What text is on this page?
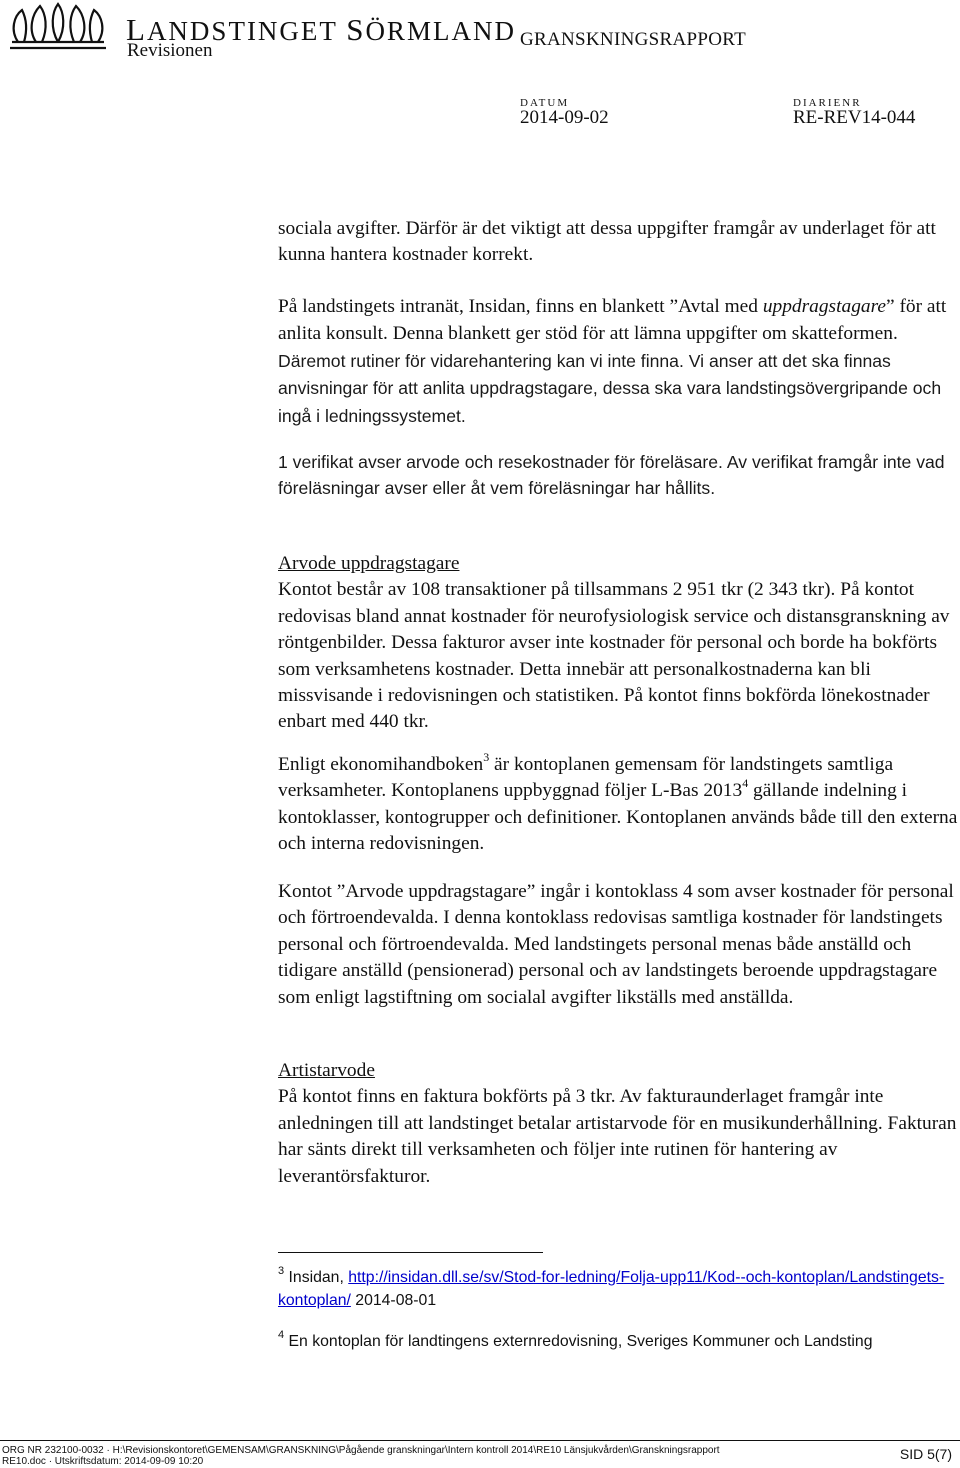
LANDSTINGET SÖRMLAND
Revisionen
GRANSKNINGSRAPPORT
DATUM
2014-09-02
DIARIENR
RE-REV14-044

sociala avgifter. Därför är det viktigt att dessa uppgifter framgår av underlaget för att kunna hantera kostnader korrekt.

På landstingets intranät, Insidan, finns en blankett ”Avtal med uppdragstagare” för att anlita konsult. Denna blankett ger stöd för att lämna uppgifter om skatteformen. Däremot rutiner för vidarehantering kan vi inte finna. Vi anser att det ska finnas anvisningar för att anlita uppdragstagare, dessa ska vara landstingsövergripande och ingå i ledningssystemet.

1 verifikat avser arvode och resekostnader för föreläsare. Av verifikat framgår inte vad föreläsningar avser eller åt vem föreläsningar har hållits.

Arvode uppdragstagare

Kontot består av 108 transaktioner på tillsammans 2 951 tkr (2 343 tkr). På kontot redovisas bland annat kostnader för neurofysiologisk service och distansgranskning av röntgenbilder. Dessa fakturor avser inte kostnader för personal och borde ha bokförts som verksamhetens kostnader. Detta innebär att personalkostnaderna kan bli missvisande i redovisningen och statistiken. På kontot finns bokförda lönekostnader enbart med 440 tkr.

Enligt ekonomihandboken$^3$ är kontoplanen gemensam för landstingets samtliga verksamheter. Kontoplanens uppbyggnad följer L-Bas 2013$^4$ gällande indelning i kontoklasser, kontogrupper och definitioner. Kontoplanen används både till den externa och interna redovisningen.

Kontot ”Arvode uppdragstagare” ingår i kontoklass 4 som avser kostnader för personal och förtroendevalda. I denna kontoklass redovisas samtliga kostnader för landstingets personal och förtroendevalda. Med landstingets personal menas både anställd och tidigare anställd (pensionerad) personal och av landstingets beroende uppdragstagare som enligt lagstiftning om socialal avgifter likställs med anställda.

Artistarvode

På kontot finns en faktura bokförts på 3 tkr. Av fakturaunderlaget framgår inte anledningen till att landstinget betalar artistarvode för en musikunderhållning. Fakturan har sänts direkt till verksamheten och följer inte rutinen för hantering av leverantörsfakturor.

$^3$ Insidan, http://insidan.dll.se/sv/Stod-for-ledning/Folja-upp11/Kod--och-kontoplan/Landstingets-kontoplan/ 2014-08-01
$^4$ En kontoplan för landtingens externredovisning, Sveriges Kommuner och Landsting
ORG NR 232100-0032 · H:\Revisionskontoret\GEMENSAM\GRANSKNING\Pågående granskningar\Intern kontroll 2014\RE10 Länsjukvården\Granskningsrapport
RE10.doc · Utskriftsdatum: 2014-09-09 10:20	SID 5(7)
